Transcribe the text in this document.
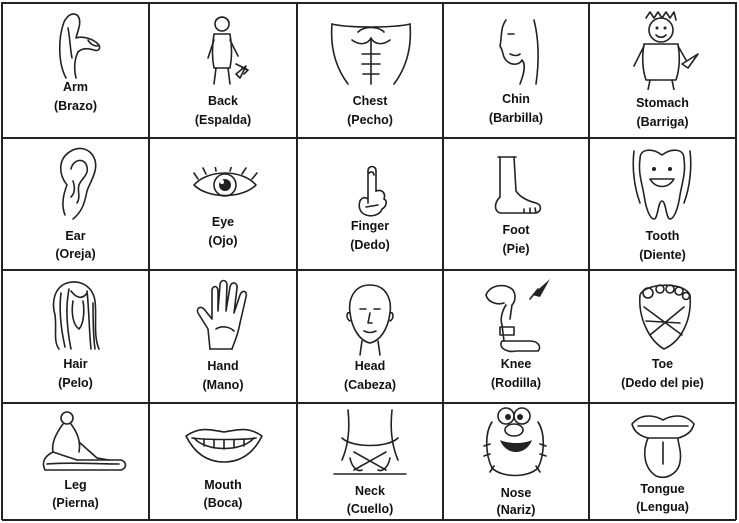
Arm
(Brazo)	Back
(Espalda)
Chest
(Pecho)
Chin
(Barbilla)
Stomach
(Barriga)
Ear
(Oreja)
Eye
(Ojo)
Finger
(Dedo)
Foot
(Pie)
Tooth
(Diente)
Hair
(Pelo)
Hand
(Mano)
Head
(Cabeza)
Knee
(Rodilla)
Toe
(Dedo del pie)
Leg
(Pierna)
Mouth
(Boca)
Neck
(Cuello)
Nose
(Nariz)
Tongue
(Lengua)
